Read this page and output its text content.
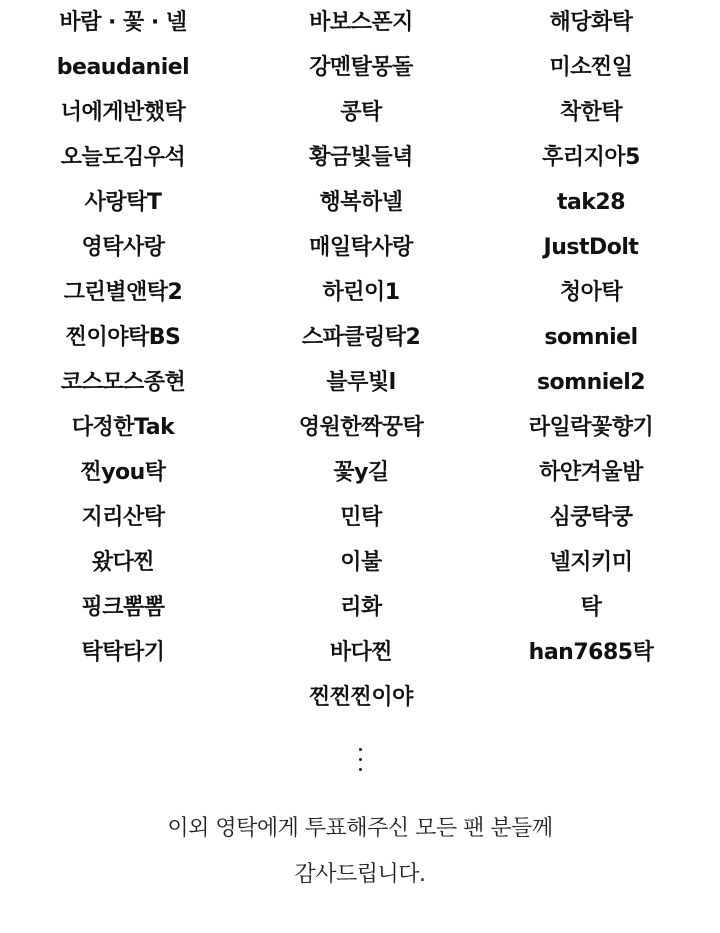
바람 · 꽃 · 넬
beaudaniel
너에게반했탁
오늘도김우석
사랑탁T
영탁사랑
그린별앤탁2
찐이야탁BS
코스모스종현
다정한Tak
찐you탁
지리산탁
왔다찐
핑크뽐뽐
탁탁타기
바보스폰지
강멘탈몽돌
콩탁
황금빛들녁
행복하넬
매일탁사랑
하린이1
스파클링탁2
블루빛l
영원한짝꿍탁
꽃y길
민탁
이불
리화
바다찐
찐찐찐이야
해당화탁
미소찐일
착한탁
후리지아5
tak28
JustDolt
청아탁
somniel
somniel2
라일락꽃향기
하얀겨울밤
심쿵탁쿵
넬지키미
탁
han7685탁
이외 영탁에게 투표해주신 모든 팬 분들께
감사드립니다.
